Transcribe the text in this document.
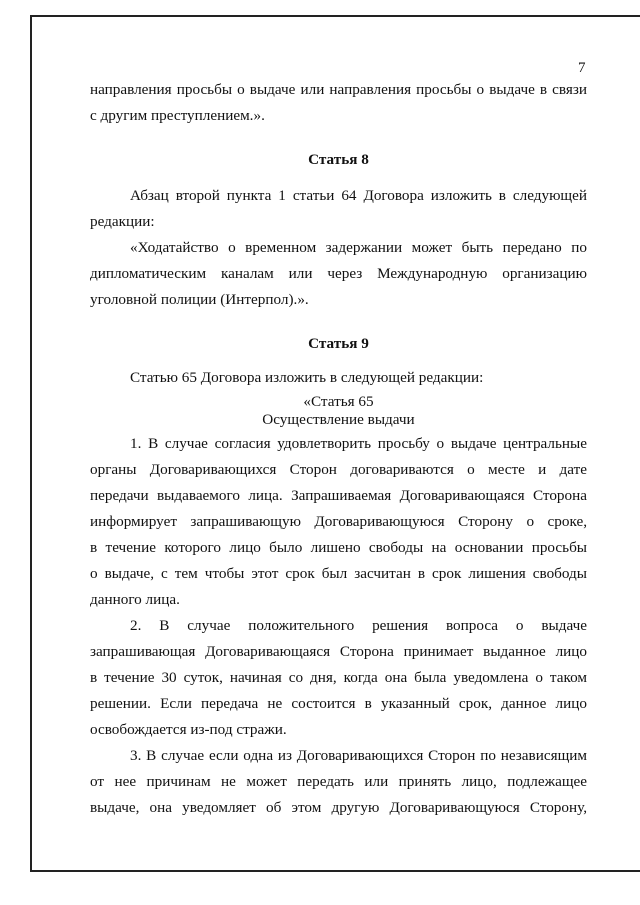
7
направления просьбы о выдаче или направления просьбы о выдаче в связи
с другим преступлением.».
Статья 8
Абзац второй пункта 1 статьи 64 Договора изложить в следующей
редакции:
«Ходатайство о временном задержании может быть передано по
дипломатическим каналам или через Международную организацию
уголовной полиции (Интерпол).».
Статья 9
Статью 65 Договора изложить в следующей редакции:
«Статья 65
Осуществление выдачи
1. В случае согласия удовлетворить просьбу о выдаче центральные
органы Договаривающихся Сторон договариваются о месте и дате
передачи выдаваемого лица. Запрашиваемая Договаривающаяся Сторона
информирует запрашивающую Договаривающуюся Сторону о сроке,
в течение которого лицо было лишено свободы на основании просьбы
о выдаче, с тем чтобы этот срок был засчитан в срок лишения свободы
данного лица.
2. В случае положительного решения вопроса о выдаче
запрашивающая Договаривающаяся Сторона принимает выданное лицо
в течение 30 суток, начиная со дня, когда она была уведомлена о таком
решении. Если передача не состоится в указанный срок, данное лицо
освобождается из-под стражи.
3. В случае если одна из Договаривающихся Сторон по независящим
от нее причинам не может передать или принять лицо, подлежащее
выдаче, она уведомляет об этом другую Договаривающуюся Сторону,
